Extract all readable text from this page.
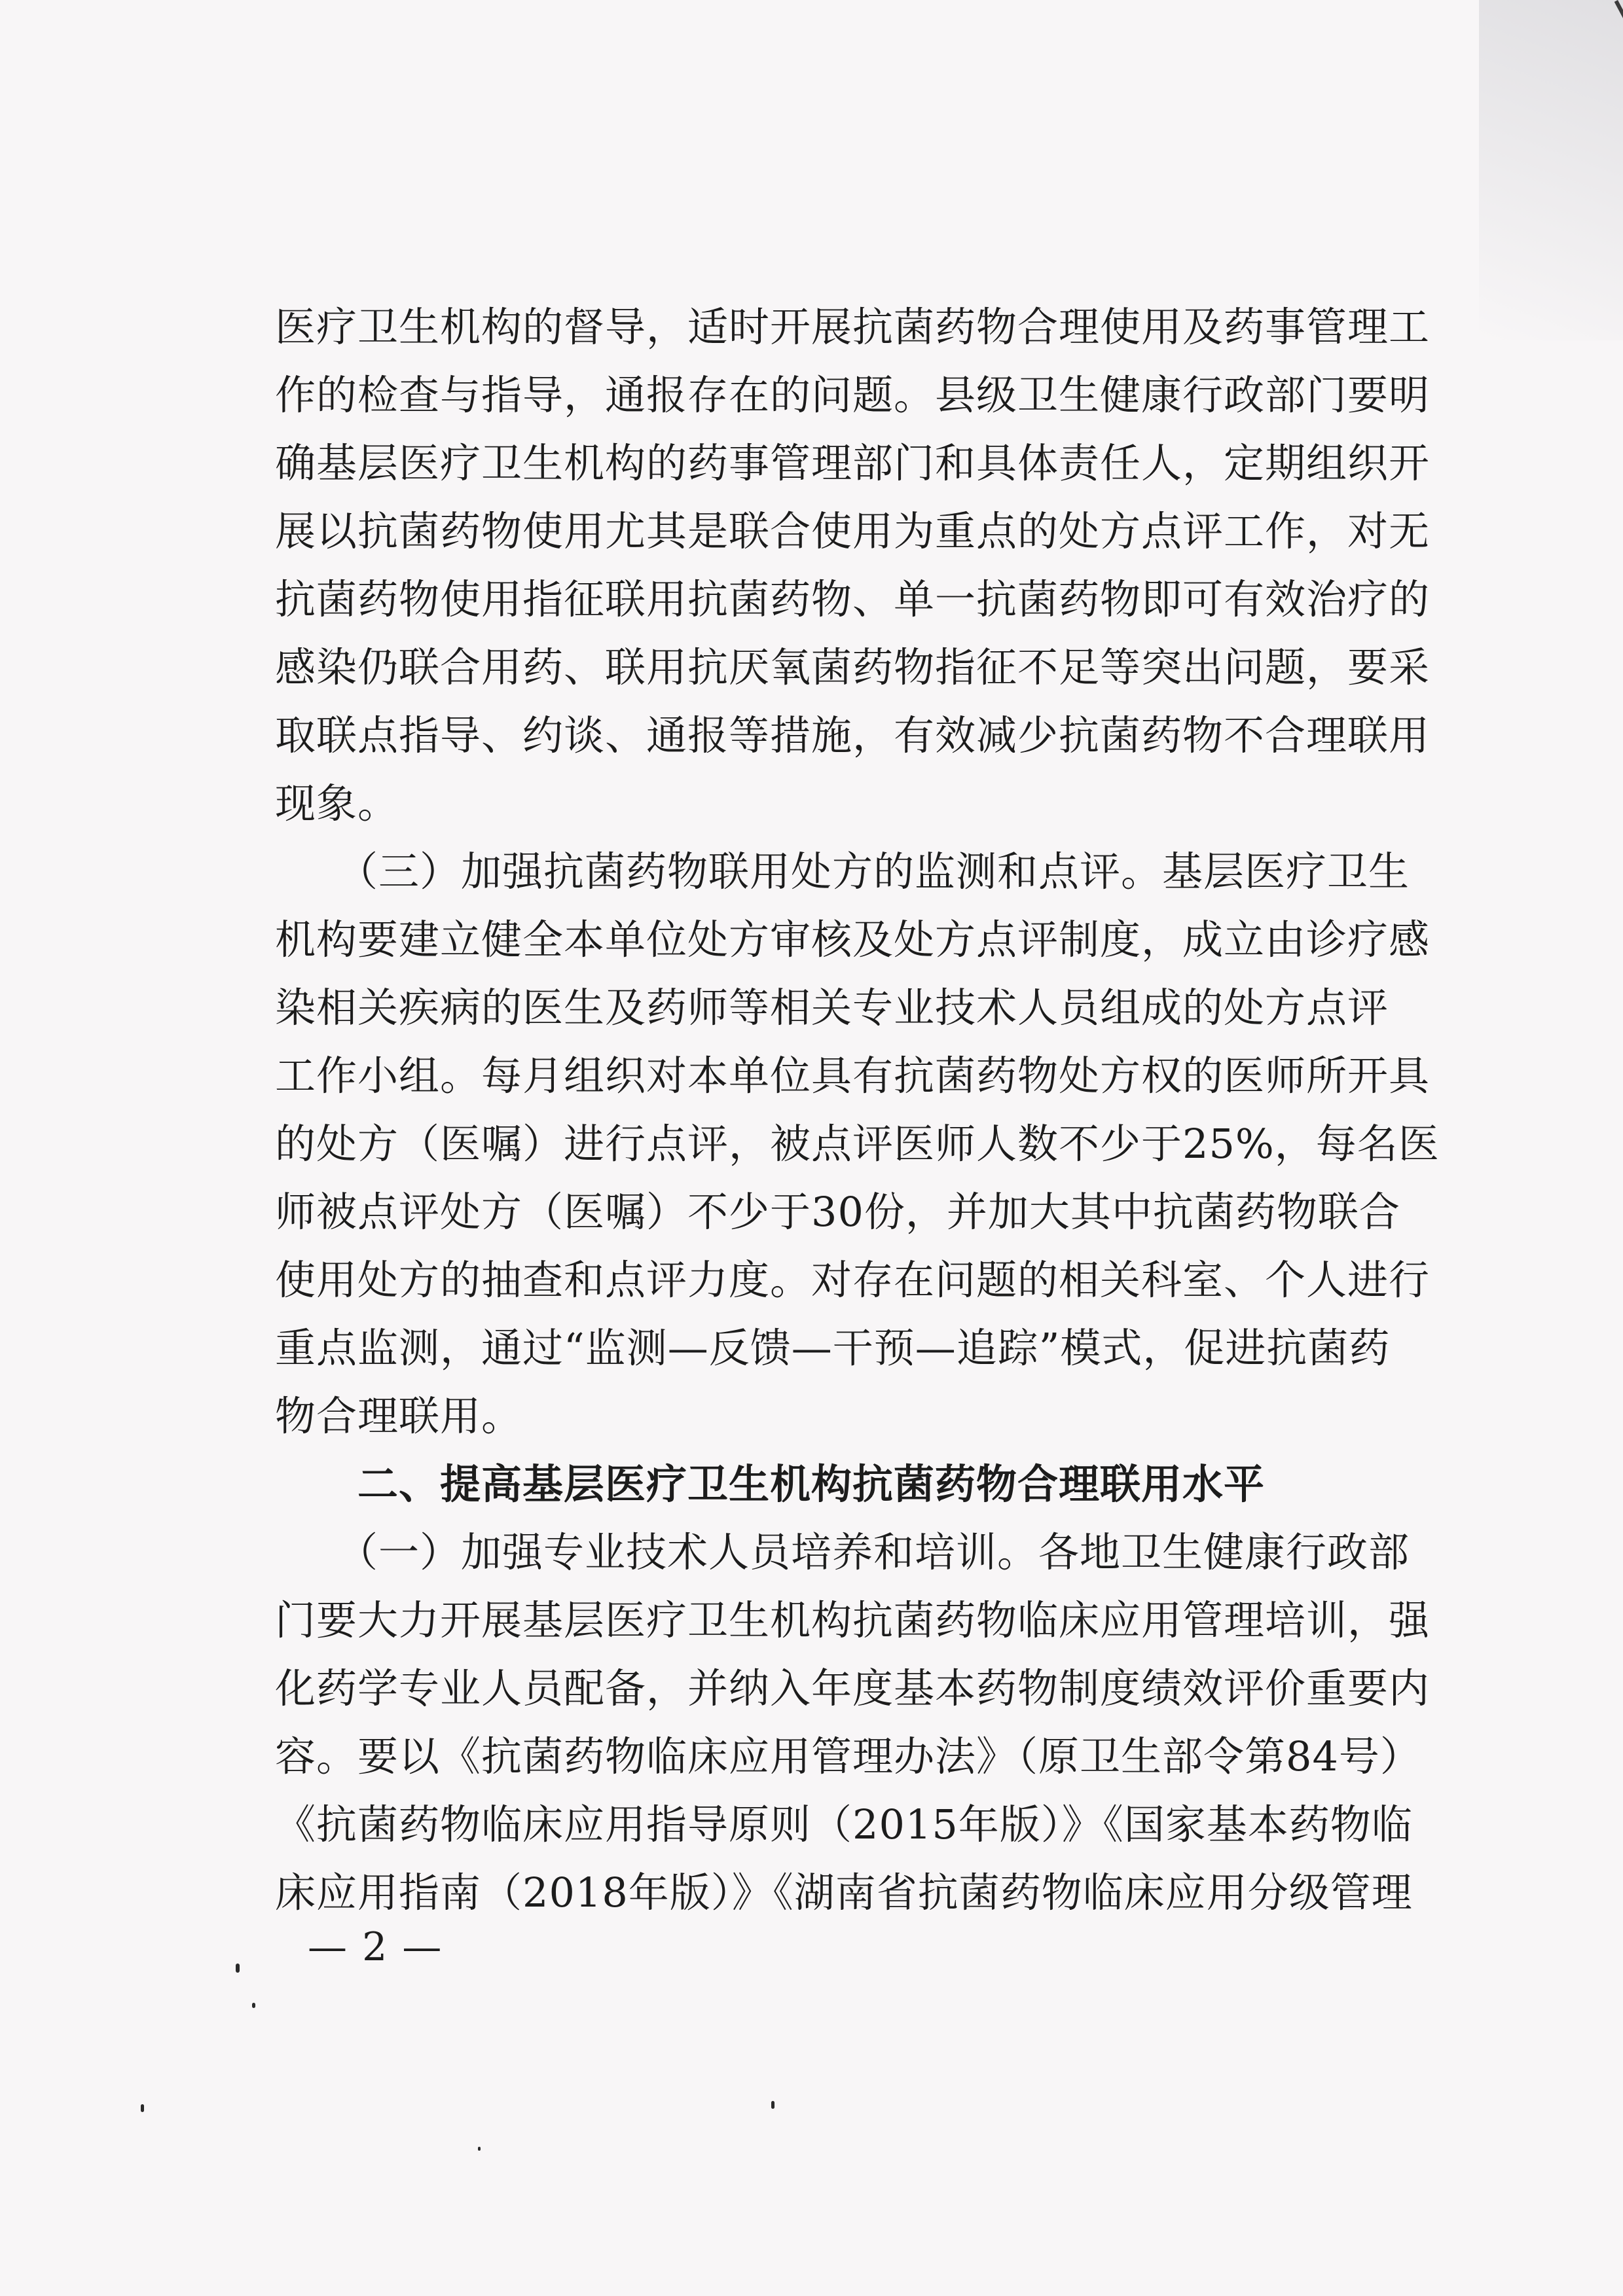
医疗卫生机构的督导，适时开展抗菌药物合理使用及药事管理工
作的检查与指导，通报存在的问题。县级卫生健康行政部门要明
确基层医疗卫生机构的药事管理部门和具体责任人，定期组织开
展以抗菌药物使用尤其是联合使用为重点的处方点评工作，对无
抗菌药物使用指征联用抗菌药物、单一抗菌药物即可有效治疗的
感染仍联合用药、联用抗厌氧菌药物指征不足等突出问题，要采
取联点指导、约谈、通报等措施，有效减少抗菌药物不合理联用
现象。
　　（三）加强抗菌药物联用处方的监测和点评。基层医疗卫生
机构要建立健全本单位处方审核及处方点评制度，成立由诊疗感
染相关疾病的医生及药师等相关专业技术人员组成的处方点评
工作小组。每月组织对本单位具有抗菌药物处方权的医师所开具
的处方（医嘱）进行点评，被点评医师人数不少于25%，每名医
师被点评处方（医嘱）不少于30份，并加大其中抗菌药物联合
使用处方的抽查和点评力度。对存在问题的相关科室、个人进行
重点监测，通过“监测—反馈—干预—追踪”模式，促进抗菌药
物合理联用。
　　二、提高基层医疗卫生机构抗菌药物合理联用水平
　　（一）加强专业技术人员培养和培训。各地卫生健康行政部
门要大力开展基层医疗卫生机构抗菌药物临床应用管理培训，强
化药学专业人员配备，并纳入年度基本药物制度绩效评价重要内
容。要以《抗菌药物临床应用管理办法》（原卫生部令第84号）
《抗菌药物临床应用指导原则（2015年版）》《国家基本药物临
床应用指南（2018年版）》《湖南省抗菌药物临床应用分级管理
— 2 —
